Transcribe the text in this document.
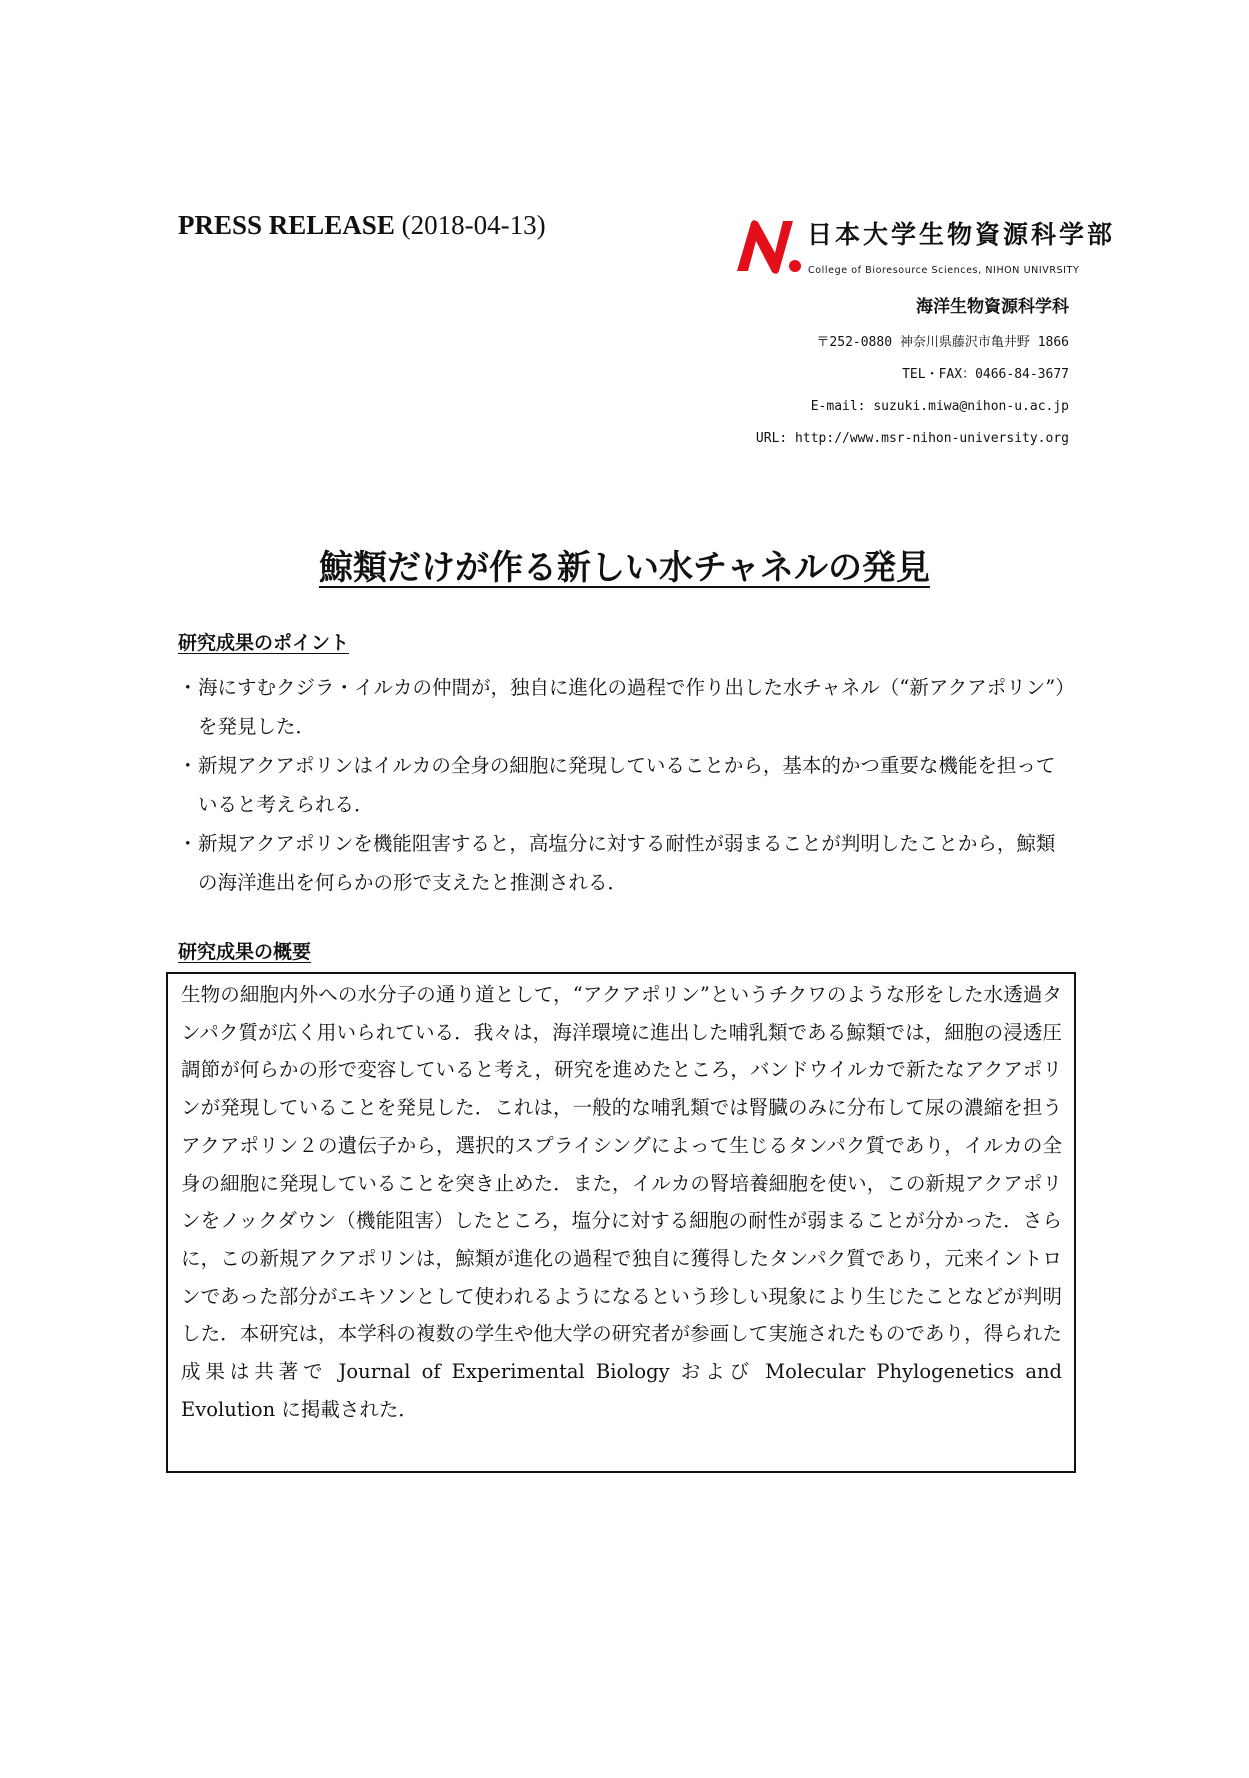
PRESS RELEASE (2018-04-13)	日本大学生物資源科学部
College of Bioresource Sciences, NIHON UNIVRSITY
海洋生物資源科学科
〒252-0880 神奈川県藤沢市亀井野 1866
TEL・FAX：0466-84-3677
E-mail: suzuki.miwa@nihon-u.ac.jp
URL: http://www.msr-nihon-university.org
鯨類だけが作る新しい水チャネルの発見
研究成果のポイント
・ 海にすむクジラ・イルカの仲間が，独自に進化の過程で作り出した水チャネル（“新アクアポリン”）を発見した．
・ 新規アクアポリンはイルカの全身の細胞に発現していることから，基本的かつ重要な機能を担っていると考えられる．
・ 新規アクアポリンを機能阻害すると，高塩分に対する耐性が弱まることが判明したことから，鯨類の海洋進出を何らかの形で支えたと推測される．
研究成果の概要
生物の細胞内外への水分子の通り道として，“アクアポリン”というチクワのような形をした水透過タンパク質が広く用いられている．我々は，海洋環境に進出した哺乳類である鯨類では，細胞の浸透圧調節が何らかの形で変容していると考え，研究を進めたところ，バンドウイルカで新たなアクアポリンが発現していることを発見した．これは，一般的な哺乳類では腎臓のみに分布して尿の濃縮を担うアクアポリン２の遺伝子から，選択的スプライシングによって生じるタンパク質であり，イルカの全身の細胞に発現していることを突き止めた．また，イルカの腎培養細胞を使い，この新規アクアポリンをノックダウン（機能阻害）したところ，塩分に対する細胞の耐性が弱まることが分かった．さらに，この新規アクアポリンは，鯨類が進化の過程で独自に獲得したタンパク質であり，元来イントロンであった部分がエキソンとして使われるようになるという珍しい現象により生じたことなどが判明した．本研究は，本学科の複数の学生や他大学の研究者が参画して実施されたものであり，得られた成果は共著で Journal of Experimental Biology および Molecular Phylogenetics and Evolution に掲載された．
